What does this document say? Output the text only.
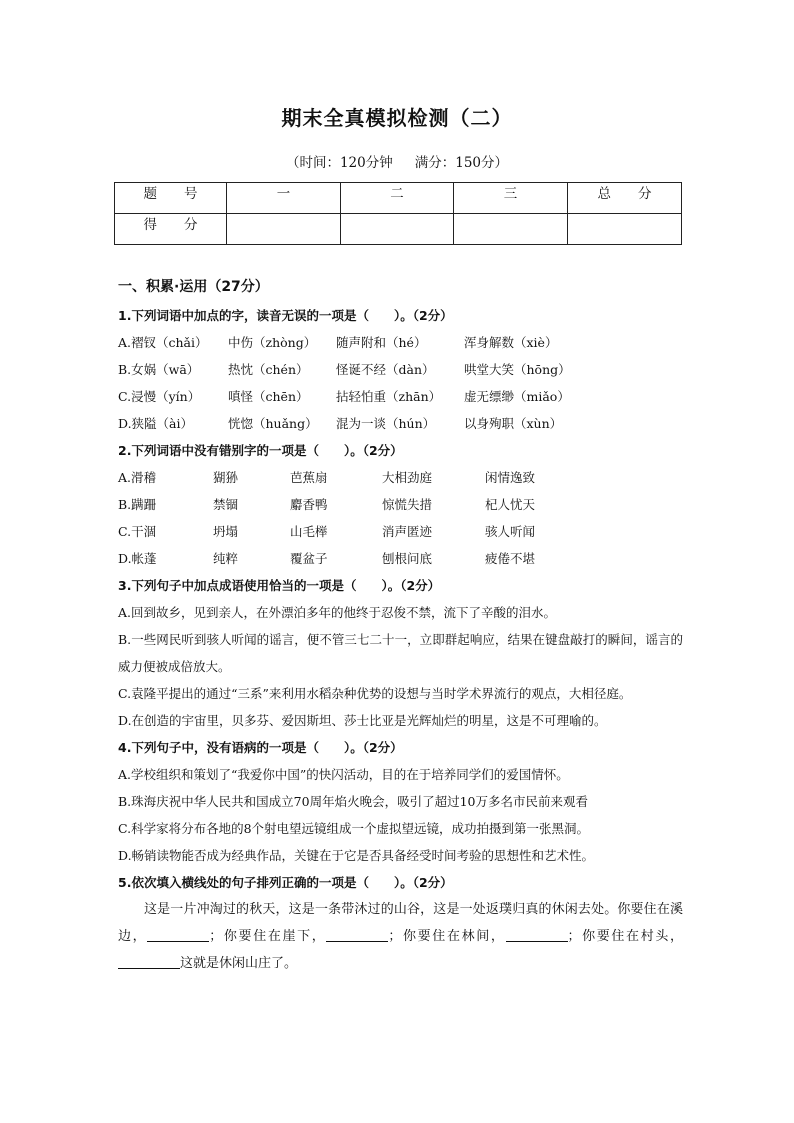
期末全真模拟检测（二）
（时间：120分钟 满分：150分）
题　　号	一	二	三	总　　分
得　　分				
一、积累·运用（27分）
1.下列词语中加点的字，读音无误的一项是（　　）。（2分）
A.褶钗（chǎi）	中伤（zhòng）	随声附和（hé）	浑身解数（xiè）
B.女娲（wā）	热忱（chén）	怪诞不经（dàn）	哄堂大笑（hōng）
C.浸慢（yín）	嗔怪（chēn）	拈轻怕重（zhān）	虚无缥缈（miǎo）
D.狭隘（ài）	恍惚（huǎng）	混为一谈（hún）	以身殉职（xùn）
2.下列词语中没有错别字的一项是（　　）。（2分）
A.滑稽	猢狲	芭蕉扇	大相劲庭	闲情逸致
B.蹒跚	禁锢	麝香鸭	惊慌失措	杞人忧天
C.干涸	坍塌	山毛榉	消声匿迹	骇人听闻
D.帐蓬	纯粹	覆盆子	刨根问底	疲倦不堪
3.下列句子中加点成语使用恰当的一项是（　　）。（2分）
A.回到故乡，见到亲人，在外漂泊多年的他终于忍俊不禁，流下了辛酸的泪水。
B.一些网民听到骇人听闻的谣言，便不管三七二十一，立即群起响应，结果在键盘敲打的瞬间，谣言的威力便被成倍放大。
C.袁隆平提出的通过“三系”来利用水稻杂种优势的设想与当时学术界流行的观点，大相径庭。
D.在创造的宇宙里，贝多芬、爱因斯坦、莎士比亚是光辉灿烂的明星，这是不可理喻的。
4.下列句子中，没有语病的一项是（　　）。（2分）
A.学校组织和策划了“我爱你中国”的快闪活动，目的在于培养同学们的爱国情怀。
B.珠海庆祝中华人民共和国成立70周年焰火晚会，吸引了超过10万多名市民前来观看
C.科学家将分布各地的8个射电望远镜组成一个虚拟望远镜，成功拍摄到第一张黑洞。
D.畅销读物能否成为经典作品，关键在于它是否具备经受时间考验的思想性和艺术性。
5.依次填入横线处的句子排列正确的一项是（　　）。（2分）
这是一片冲淘过的秋天，这是一条带沐过的山谷，这是一处返璞归真的休闲去处。你要住在溪边，	；你要住在崖下，	；你要住在林间，	；你要住在村头，这就是休闲山庄了。
